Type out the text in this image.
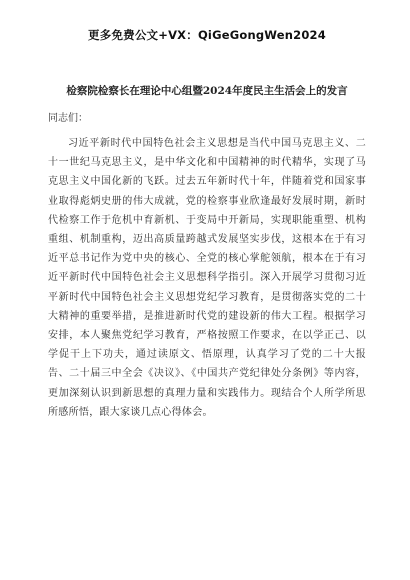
更多免费公文+VX：QiGeGongWen2024
检察院检察长在理论中心组暨2024年度民主生活会上的发言
同志们：
习近平新时代中国特色社会主义思想是当代中国马克思主义、二十一世纪马克思主义，是中华文化和中国精神的时代精华，实现了马克思主义中国化新的飞跃。过去五年新时代十年，伴随着党和国家事业取得彪炳史册的伟大成就，党的检察事业欣逢最好发展时期，新时代检察工作于危机中育新机、于变局中开新局，实现职能重塑、机构重组、机制重构，迈出高质量跨越式发展坚实步伐，这根本在于有习近平总书记作为党中央的核心、全党的核心掌舵领航，根本在于有习近平新时代中国特色社会主义思想科学指引。深入开展学习贯彻习近平新时代中国特色社会主义思想党纪学习教育，是贯彻落实党的二十大精神的重要举措，是推进新时代党的建设新的伟大工程。根据学习安排，本人聚焦党纪学习教育，严格按照工作要求，在以学正己、以学促干上下功夫，通过读原文、悟原理，认真学习了党的二十大报告、二十届三中全会《决议》、《中国共产党纪律处分条例》等内容，更加深刻认识到新思想的真理力量和实践伟力。现结合个人所学所思所感所悟，跟大家谈几点心得体会。
